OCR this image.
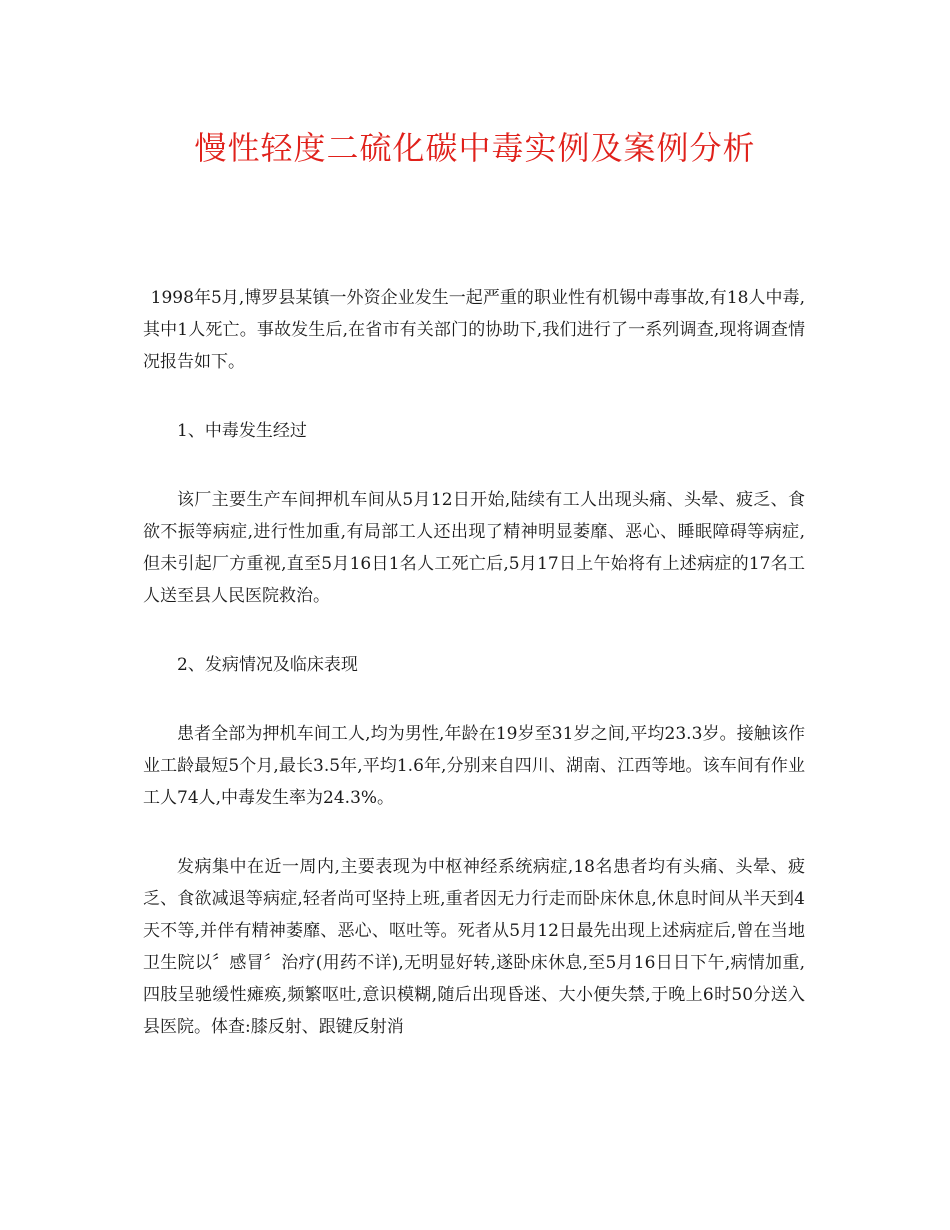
慢性轻度二硫化碳中毒实例及案例分析

1998年5月,博罗县某镇一外资企业发生一起严重的职业性有机锡中毒事故,有18人中毒,其中1人死亡。事故发生后,在省市有关部门的协助下,我们进行了一系列调查,现将调查情况报告如下。

1、中毒发生经过

该厂主要生产车间押机车间从5月12日开始,陆续有工人出现头痛、头晕、疲乏、食欲不振等病症,进行性加重,有局部工人还出现了精神明显萎靡、恶心、睡眠障碍等病症,但未引起厂方重视,直至5月16日1名人工死亡后,5月17日上午始将有上述病症的17名工人送至县人民医院救治。

2、发病情况及临床表现

患者全部为押机车间工人,均为男性,年龄在19岁至31岁之间,平均23.3岁。接触该作业工龄最短5个月,最长3.5年,平均1.6年,分别来自四川、湖南、江西等地。该车间有作业工人74人,中毒发生率为24.3%。

发病集中在近一周内,主要表现为中枢神经系统病症,18名患者均有头痛、头晕、疲乏、食欲减退等病症,轻者尚可坚持上班,重者因无力行走而卧床休息,休息时间从半天到4天不等,并伴有精神萎靡、恶心、呕吐等。死者从5月12日最先出现上述病症后,曾在当地卫生院以〞感冒〞治疗(用药不详),无明显好转,遂卧床休息,至5月16日日下午,病情加重,四肢呈驰缓性瘫痪,频繁呕吐,意识模糊,随后出现昏迷、大小便失禁,于晚上6时50分送入县医院。体查:膝反射、跟键反射消
